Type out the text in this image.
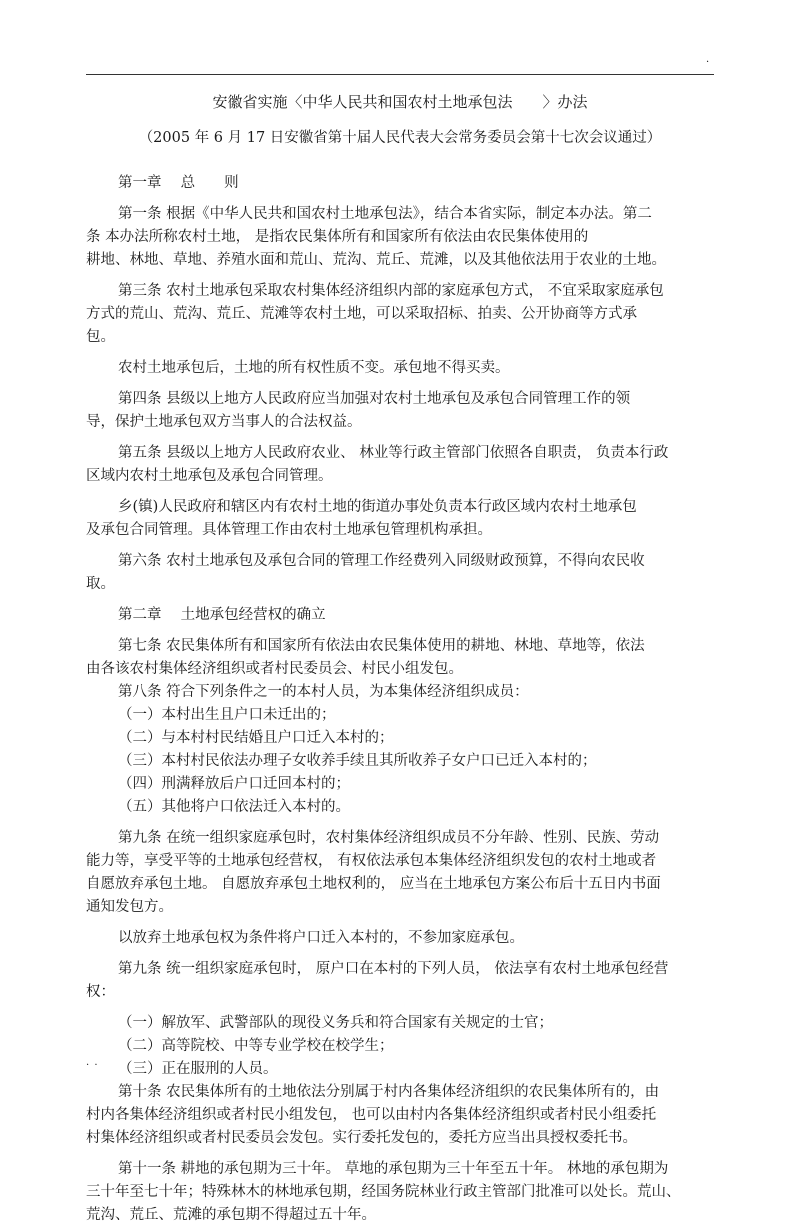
·
安徽省实施〈中华人民共和国农村土地承包法　　〉办法
（2005 年 6 月 17 日安徽省第十届人民代表大会常务委员会第十七次会议通过）

第一章　 总　　则

第一条 根据《中华人民共和国农村土地承包法》，结合本省实际，制定本办法。第二

条 本办法所称农村土地， 是指农民集体所有和国家所有依法由农民集体使用的

耕地、林地、草地、养殖水面和荒山、荒沟、荒丘、荒滩，以及其他依法用于农业的土地。

第三条 农村土地承包采取农村集体经济组织内部的家庭承包方式， 不宜采取家庭承包

方式的荒山、荒沟、荒丘、荒滩等农村土地，可以采取招标、拍卖、公开协商等方式承

包。

农村土地承包后，土地的所有权性质不变。承包地不得买卖。

第四条 县级以上地方人民政府应当加强对农村土地承包及承包合同管理工作的领

导，保护土地承包双方当事人的合法权益。

第五条 县级以上地方人民政府农业、 林业等行政主管部门依照各自职责， 负责本行政

区域内农村土地承包及承包合同管理。

乡(镇)人民政府和辖区内有农村土地的街道办事处负责本行政区域内农村土地承包

及承包合同管理。具体管理工作由农村土地承包管理机构承担。

第六条 农村土地承包及承包合同的管理工作经费列入同级财政预算，不得向农民收

取。

第二章　 土地承包经营权的确立

第七条 农民集体所有和国家所有依法由农民集体使用的耕地、林地、草地等，依法

由各该农村集体经济组织或者村民委员会、村民小组发包。

第八条 符合下列条件之一的本村人员，为本集体经济组织成员：

（一）本村出生且户口未迁出的；

（二）与本村村民结婚且户口迁入本村的；

（三）本村村民依法办理子女收养手续且其所收养子女户口已迁入本村的；

（四）刑满释放后户口迁回本村的；

（五）其他将户口依法迁入本村的。

第九条 在统一组织家庭承包时，农村集体经济组织成员不分年龄、性别、民族、劳动

能力等，享受平等的土地承包经营权， 有权依法承包本集体经济组织发包的农村土地或者

自愿放弃承包土地。 自愿放弃承包土地权利的， 应当在土地承包方案公布后十五日内书面

通知发包方。

以放弃土地承包权为条件将户口迁入本村的，不参加家庭承包。

第九条 统一组织家庭承包时， 原户口在本村的下列人员， 依法享有农村土地承包经营

权：

（一）解放军、武警部队的现役义务兵和符合国家有关规定的士官；

（二）高等院校、中等专业学校在校学生；

（三）正在服刑的人员。

第十条 农民集体所有的土地依法分别属于村内各集体经济组织的农民集体所有的，由

村内各集体经济组织或者村民小组发包， 也可以由村内各集体经济组织或者村民小组委托

村集体经济组织或者村民委员会发包。实行委托发包的，委托方应当出具授权委托书。

第十一条 耕地的承包期为三十年。 草地的承包期为三十年至五十年。 林地的承包期为

三十年至七十年；特殊林木的林地承包期，经国务院林业行政主管部门批准可以处长。荒山、

荒沟、荒丘、荒滩的承包期不得超过五十年。

. .
